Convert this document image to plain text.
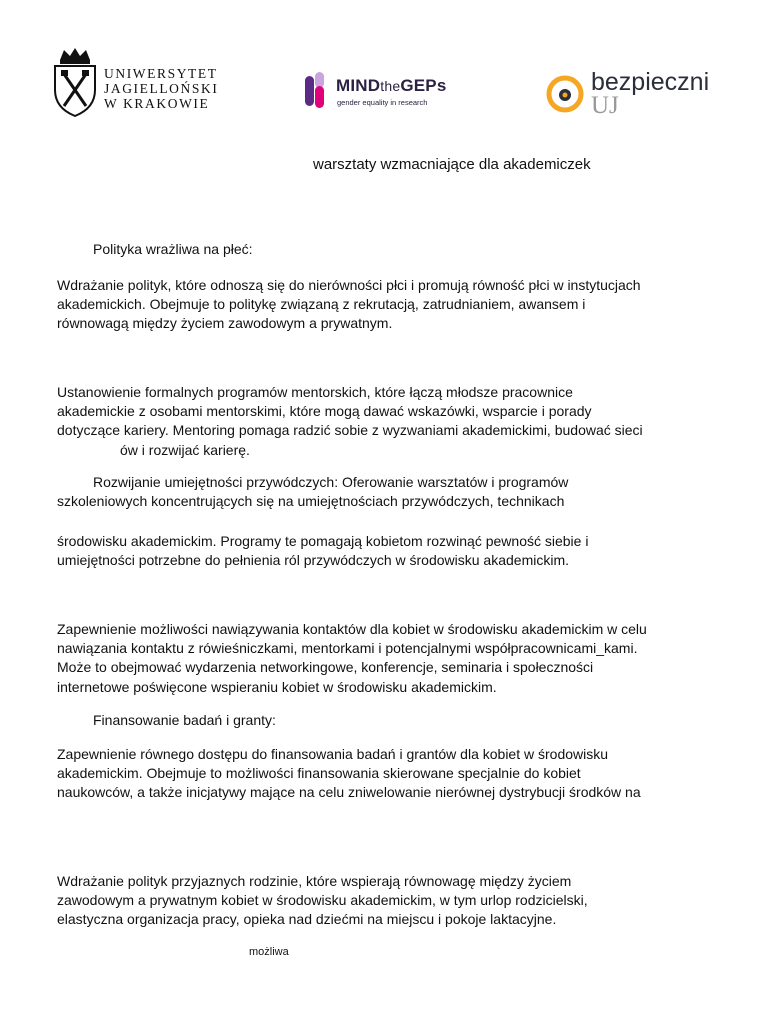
UNIWERSYTET
JAGIELLOŃSKI
W KRAKOWIE
MINDtheGEPs
gender equality in research
bezpieczni
UJ
warsztaty wzmacniające dla akademiczek

Polityka wrażliwa na płeć:

Wdrażanie polityk, które odnoszą się do nierówności płci i promują równość płci w instytucjach
akademickich. Obejmuje to politykę związaną z rekrutacją, zatrudnianiem, awansem i
równowagą między życiem zawodowym a prywatnym.

Ustanowienie formalnych programów mentorskich, które łączą młodsze pracownice
akademickie z osobami mentorskimi, które mogą dawać wskazówki, wsparcie i porady
dotyczące kariery. Mentoring pomaga radzić sobie z wyzwaniami akademickimi, budować sieci
ów i rozwijać karierę.

Rozwijanie umiejętności przywódczych: Oferowanie warsztatów i programów
szkoleniowych koncentrujących się na umiejętnościach przywódczych, technikach

środowisku akademickim. Programy te pomagają kobietom rozwinąć pewność siebie i
umiejętności potrzebne do pełnienia ról przywódczych w środowisku akademickim.

Zapewnienie możliwości nawiązywania kontaktów dla kobiet w środowisku akademickim w celu
nawiązania kontaktu z rówieśniczkami, mentorkami i potencjalnymi współpracownicami_kami.
Może to obejmować wydarzenia networkingowe, konferencje, seminaria i społeczności
internetowe poświęcone wspieraniu kobiet w środowisku akademickim.

Finansowanie badań i granty:

Zapewnienie równego dostępu do finansowania badań i grantów dla kobiet w środowisku
akademickim. Obejmuje to możliwości finansowania skierowane specjalnie do kobiet
naukowców, a także inicjatywy mające na celu zniwelowanie nierównej dystrybucji środków na

Wdrażanie polityk przyjaznych rodzinie, które wspierają równowagę między życiem
zawodowym a prywatnym kobiet w środowisku akademickim, w tym urlop rodzicielski,
elastyczna organizacja pracy, opieka nad dziećmi na miejscu i pokoje laktacyjne.

możliwa
